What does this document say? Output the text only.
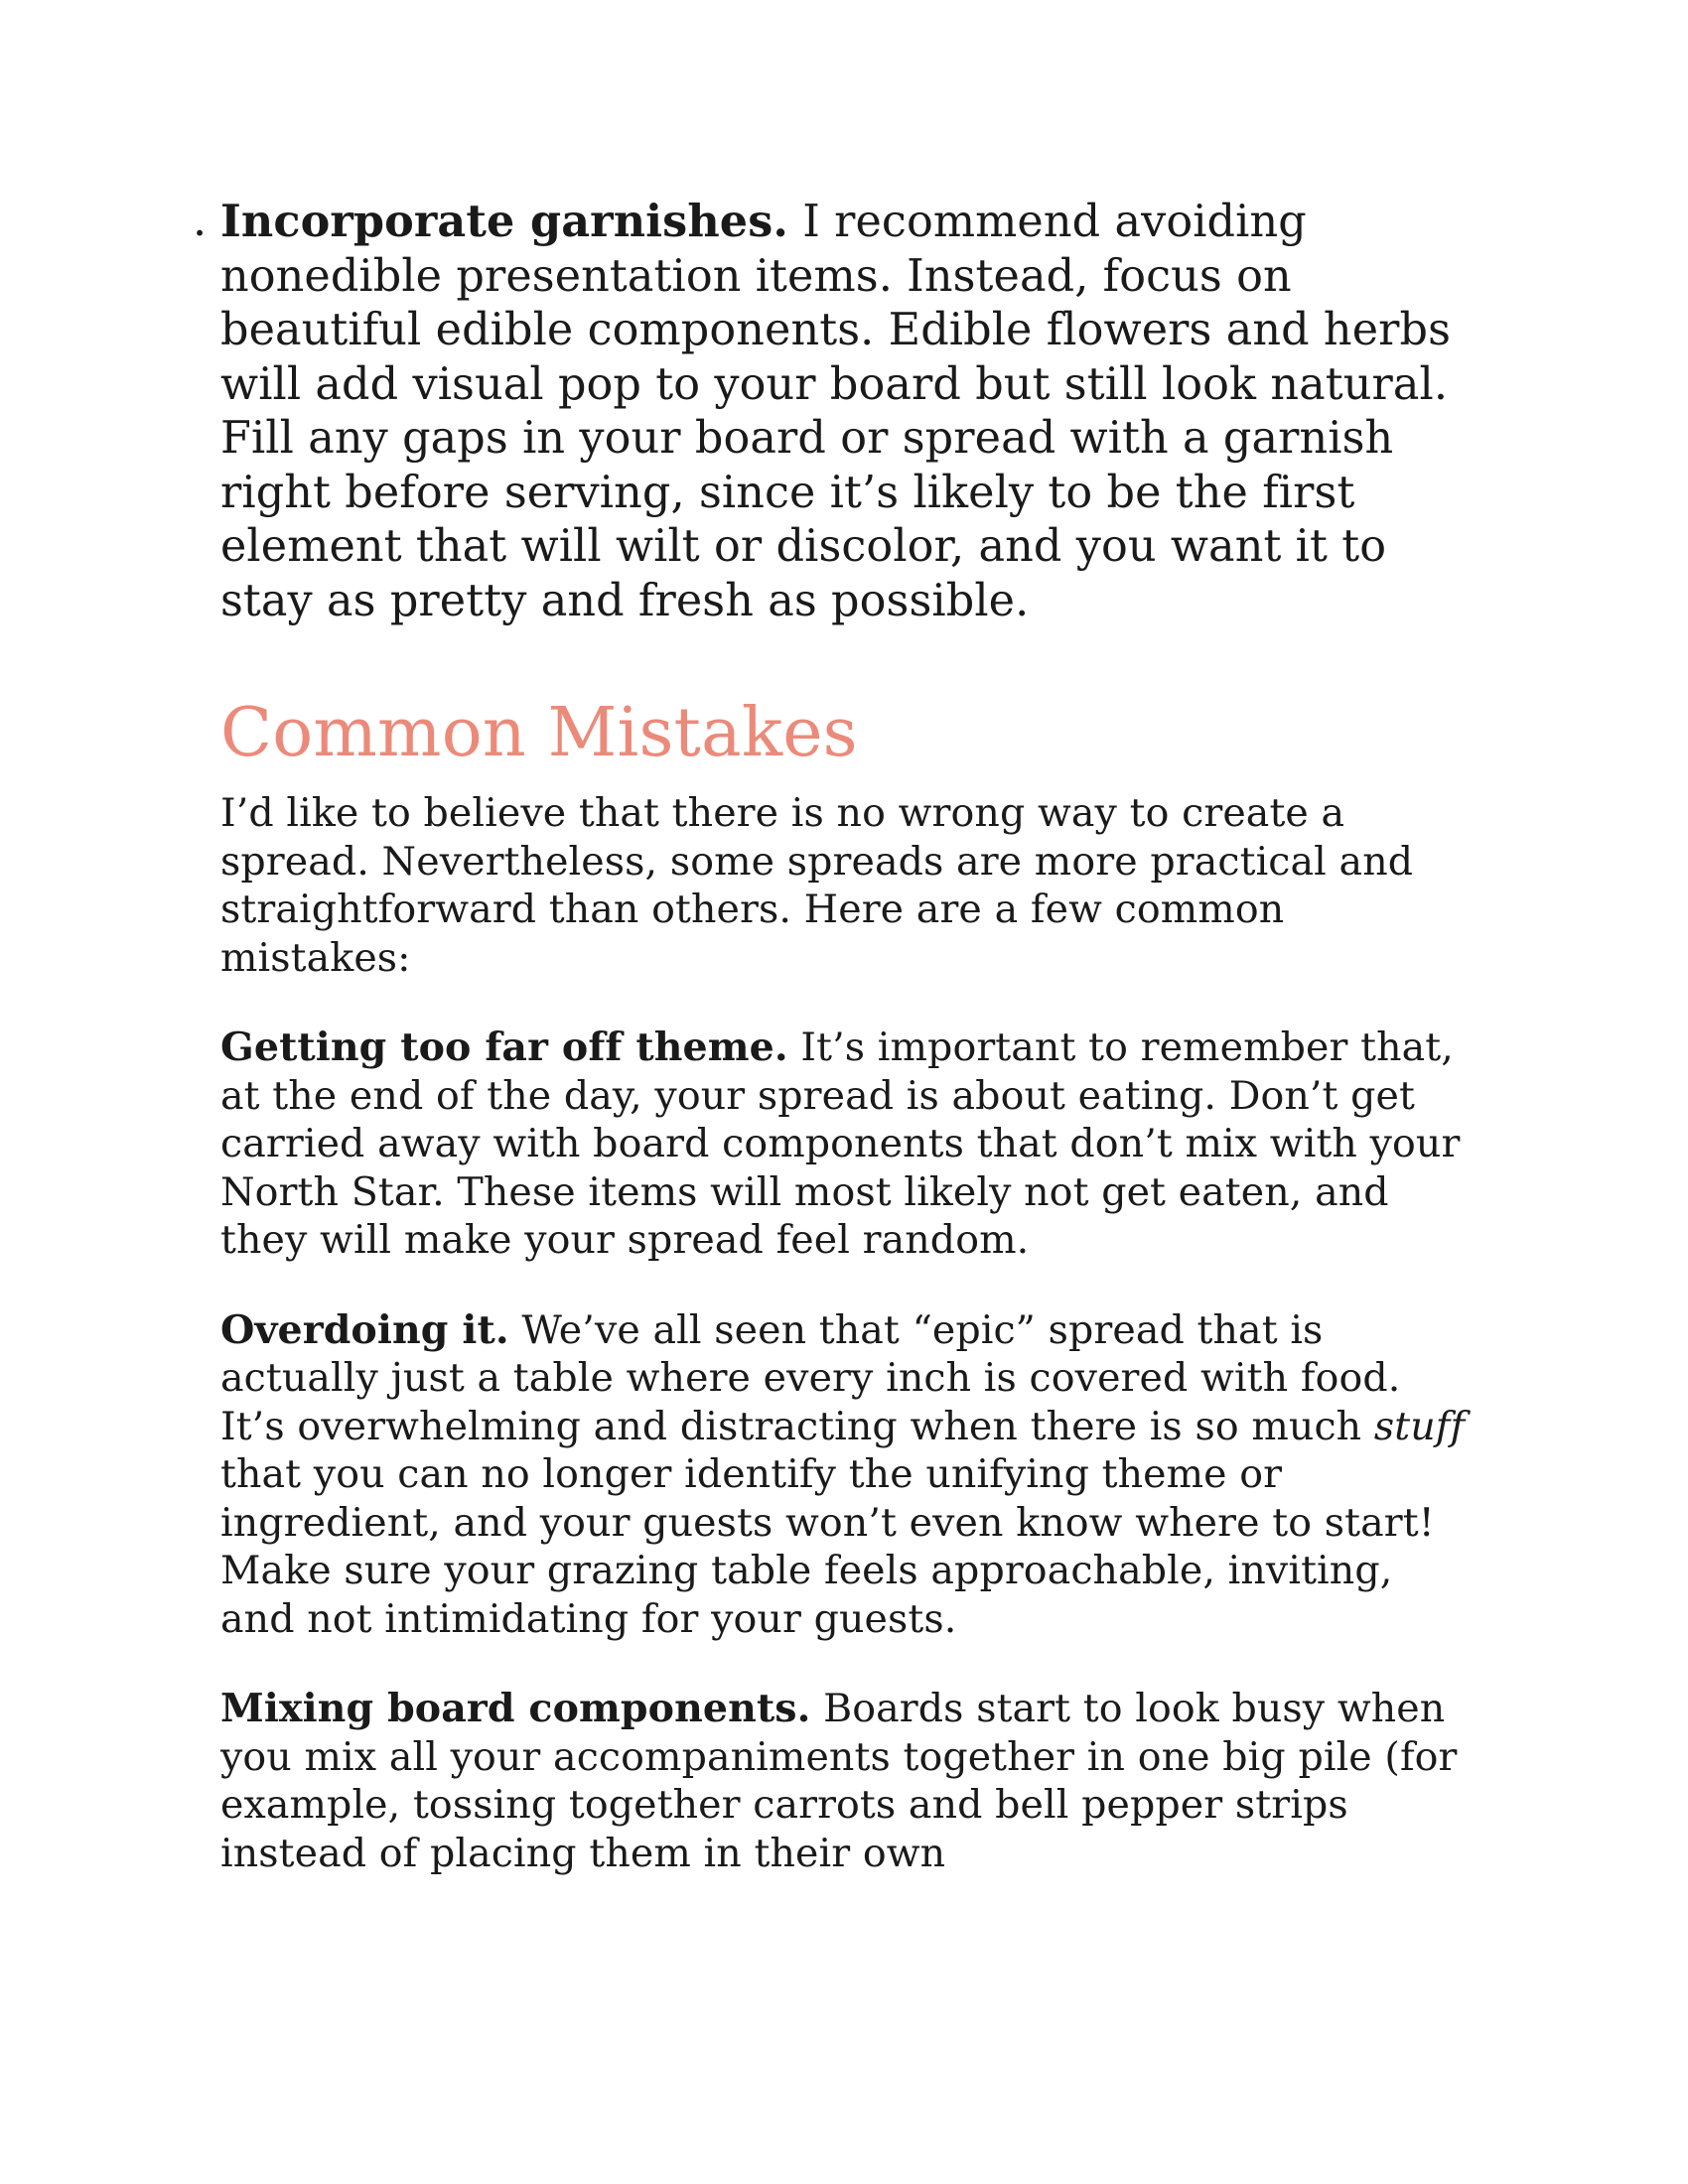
. Incorporate garnishes. I recommend avoiding nonedible presentation items. Instead, focus on beautiful edible components. Edible flowers and herbs will add visual pop to your board but still look natural. Fill any gaps in your board or spread with a garnish right before serving, since it’s likely to be the first element that will wilt or discolor, and you want it to stay as pretty and fresh as possible.

Common Mistakes

I’d like to believe that there is no wrong way to create a spread. Nevertheless, some spreads are more practical and straightforward than others. Here are a few common mistakes:

Getting too far off theme. It’s important to remember that, at the end of the day, your spread is about eating. Don’t get carried away with board components that don’t mix with your North Star. These items will most likely not get eaten, and they will make your spread feel random.

Overdoing it. We’ve all seen that “epic” spread that is actually just a table where every inch is covered with food. It’s overwhelming and distracting when there is so much stuff that you can no longer identify the unifying theme or ingredient, and your guests won’t even know where to start! Make sure your grazing table feels approachable, inviting, and not intimidating for your guests.

Mixing board components. Boards start to look busy when you mix all your accompaniments together in one big pile (for example, tossing together carrots and bell pepper strips instead of placing them in their own
